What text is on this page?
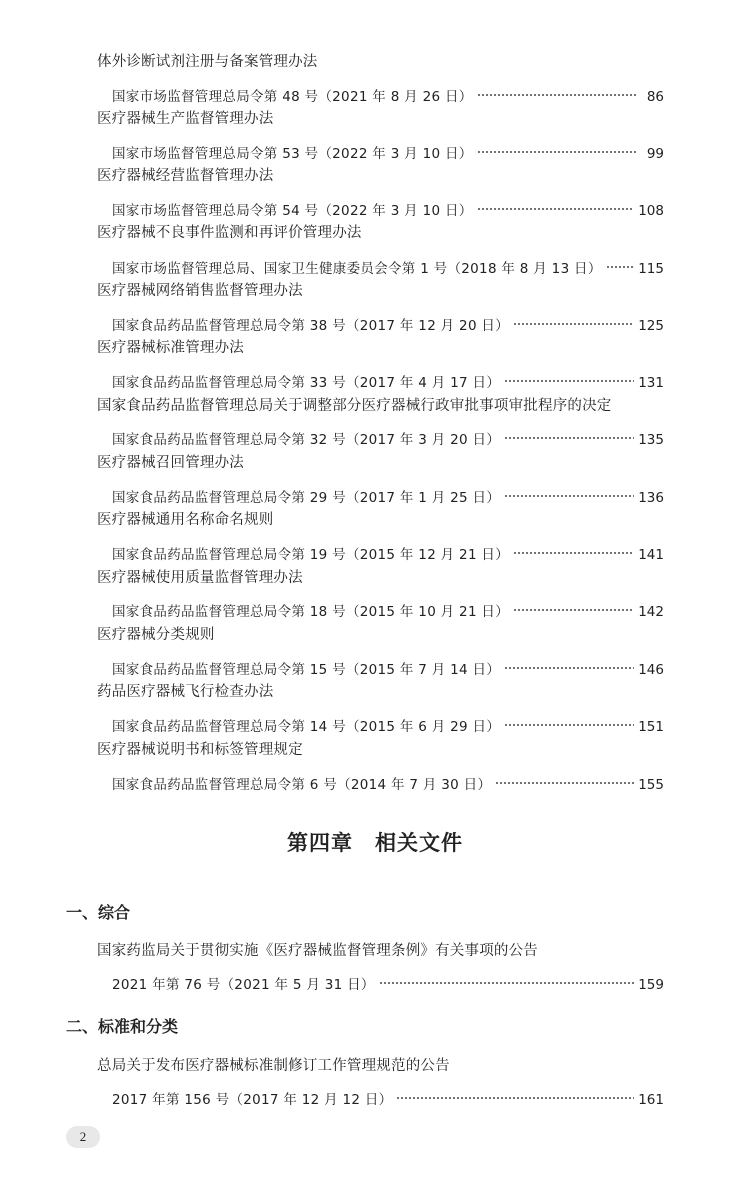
体外诊断试剂注册与备案管理办法
国家市场监督管理总局令第 48 号（2021 年 8 月 26 日）	86
医疗器械生产监督管理办法
国家市场监督管理总局令第 53 号（2022 年 3 月 10 日）	99
医疗器械经营监督管理办法
国家市场监督管理总局令第 54 号（2022 年 3 月 10 日）	108
医疗器械不良事件监测和再评价管理办法
国家市场监督管理总局、国家卫生健康委员会令第 1 号（2018 年 8 月 13 日）	115
医疗器械网络销售监督管理办法
国家食品药品监督管理总局令第 38 号（2017 年 12 月 20 日）	125
医疗器械标准管理办法
国家食品药品监督管理总局令第 33 号（2017 年 4 月 17 日）	131
国家食品药品监督管理总局关于调整部分医疗器械行政审批事项审批程序的决定
国家食品药品监督管理总局令第 32 号（2017 年 3 月 20 日）	135
医疗器械召回管理办法
国家食品药品监督管理总局令第 29 号（2017 年 1 月 25 日）	136
医疗器械通用名称命名规则
国家食品药品监督管理总局令第 19 号（2015 年 12 月 21 日）	141
医疗器械使用质量监督管理办法
国家食品药品监督管理总局令第 18 号（2015 年 10 月 21 日）	142
医疗器械分类规则
国家食品药品监督管理总局令第 15 号（2015 年 7 月 14 日）	146
药品医疗器械飞行检查办法
国家食品药品监督管理总局令第 14 号（2015 年 6 月 29 日）	151
医疗器械说明书和标签管理规定
国家食品药品监督管理总局令第 6 号（2014 年 7 月 30 日）	155
第四章 相关文件
一、综合
国家药监局关于贯彻实施《医疗器械监督管理条例》有关事项的公告
2021 年第 76 号（2021 年 5 月 31 日）	159
二、标准和分类
总局关于发布医疗器械标准制修订工作管理规范的公告
2017 年第 156 号（2017 年 12 月 12 日）	161
2
